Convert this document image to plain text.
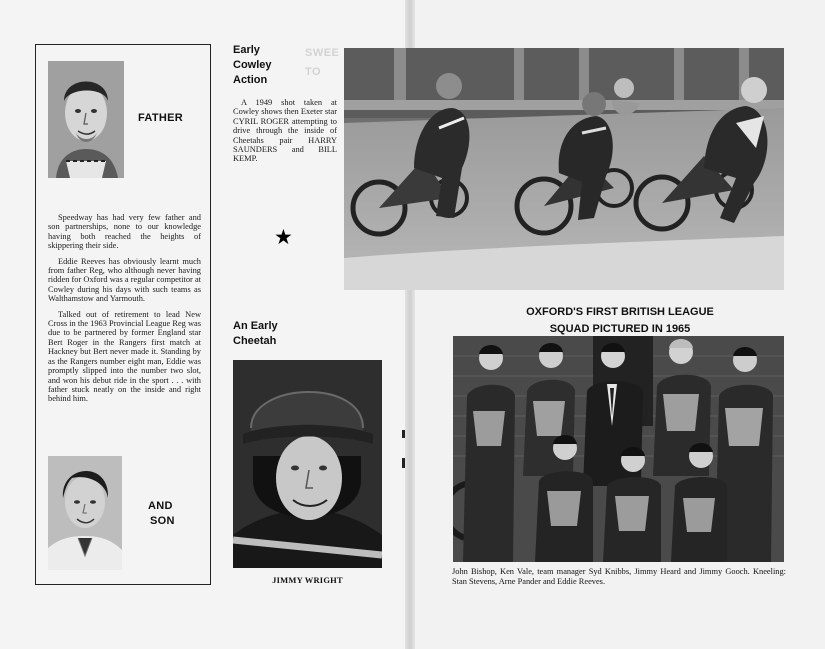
SWEE
TO
FATHER

Speedway has had very few father and son partnerships, none to our knowledge having both reached the heights of skippering their side.

Eddie Reeves has obviously learnt much from father Reg, who although never having ridden for Oxford was a regular competitor at Cowley during his days with such teams as Walthamstow and Yarmouth.

Talked out of retirement to lead New Cross in the 1963 Provincial League Reg was due to be partnered by former England star Bert Roger in the Rangers first match at Hackney but Bert never made it. Standing by as the Rangers number eight man, Eddie was promptly slipped into the number two slot, and won his debut ride in the sport . . . with father stuck neatly on the inside and right behind him.

AND
SON
Early
Cowley
Action
A 1949 shot taken at Cowley shows then Exeter star CYRIL ROGER attempting to drive through the inside of Cheetahs pair HARRY SAUNDERS and BILL KEMP.
★
An Early
Cheetah
JIMMY WRIGHT
OXFORD'S FIRST BRITISH LEAGUE
SQUAD PICTURED IN 1965
John Bishop, Ken Vale, team manager Syd Knibbs, Jimmy Heard and Jimmy Gooch. Kneeling: Stan Stevens, Arne Pander and Eddie Reeves.
